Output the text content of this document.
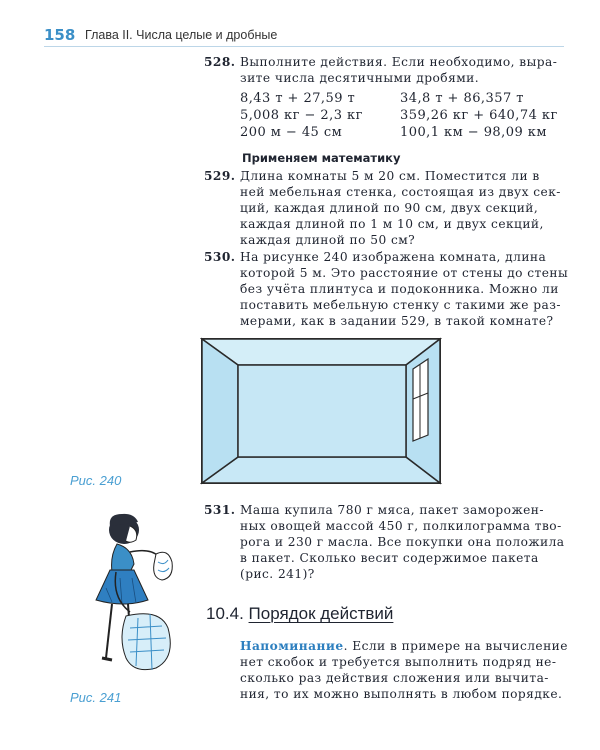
158 Глава II. Числа целые и дробные
528. Выполните действия. Если необходимо, выра-
зите числа десятичными дробями.
8,43 т + 27,59 т
5,008 кг − 2,3 кг
200 м − 45 см
34,8 т + 86,357 т
359,26 кг + 640,74 кг
100,1 км − 98,09 км
Применяем математику
529. Длина комнаты 5 м 20 см. Поместится ли в
ней мебельная стенка, состоящая из двух сек-
ций, каждая длиной по 90 см, двух секций,
каждая длиной по 1 м 10 см, и двух секций,
каждая длиной по 50 см?
530. На рисунке 240 изображена комната, длина
которой 5 м. Это расстояние от стены до стены
без учёта плинтуса и подоконника. Можно ли
поставить мебельную стенку с такими же раз-
мерами, как в задании 529, в такой комнате?
Рис. 240
531. Маша купила 780 г мяса, пакет заморожен-
ных овощей массой 450 г, полкилограмма тво-
рога и 230 г масла. Все покупки она положила
в пакет. Сколько весит содержимое пакета
(рис. 241)?
Рис. 241
10.4. Порядок действий
Напоминание. Если в примере на вычисление
нет скобок и требуется выполнить подряд не-
сколько раз действия сложения или вычита-
ния, то их можно выполнять в любом порядке.
